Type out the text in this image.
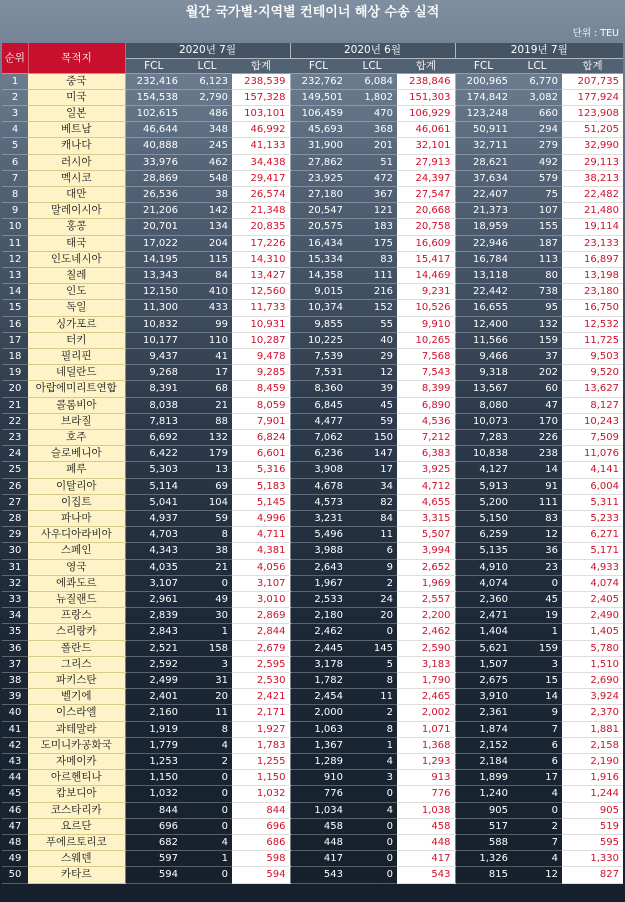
월간 국가별·지역별 컨테이너 해상 수송 실적
단위 : TEU
순위	목적지	2020년 7월			2020년 6월			2019년 7월		
		FCL	LCL	합계	FCL	LCL	합계	FCL	LCL	합계
1	중국	232,416	6,123	238,539	232,762	6,084	238,846	200,965	6,770	207,735
2	미국	154,538	2,790	157,328	149,501	1,802	151,303	174,842	3,082	177,924
3	일본	102,615	486	103,101	106,459	470	106,929	123,248	660	123,908
4	베트남	46,644	348	46,992	45,693	368	46,061	50,911	294	51,205
5	캐나다	40,888	245	41,133	31,900	201	32,101	32,711	279	32,990
6	러시아	33,976	462	34,438	27,862	51	27,913	28,621	492	29,113
7	멕시코	28,869	548	29,417	23,925	472	24,397	37,634	579	38,213
8	대만	26,536	38	26,574	27,180	367	27,547	22,407	75	22,482
9	말레이시아	21,206	142	21,348	20,547	121	20,668	21,373	107	21,480
10	홍콩	20,701	134	20,835	20,575	183	20,758	18,959	155	19,114
11	태국	17,022	204	17,226	16,434	175	16,609	22,946	187	23,133
12	인도네시아	14,195	115	14,310	15,334	83	15,417	16,784	113	16,897
13	칠레	13,343	84	13,427	14,358	111	14,469	13,118	80	13,198
14	인도	12,150	410	12,560	9,015	216	9,231	22,442	738	23,180
15	독일	11,300	433	11,733	10,374	152	10,526	16,655	95	16,750
16	싱가포르	10,832	99	10,931	9,855	55	9,910	12,400	132	12,532
17	터키	10,177	110	10,287	10,225	40	10,265	11,566	159	11,725
18	필리핀	9,437	41	9,478	7,539	29	7,568	9,466	37	9,503
19	네덜란드	9,268	17	9,285	7,531	12	7,543	9,318	202	9,520
20	아랍에미리트연합	8,391	68	8,459	8,360	39	8,399	13,567	60	13,627
21	콜롬비아	8,038	21	8,059	6,845	45	6,890	8,080	47	8,127
22	브라질	7,813	88	7,901	4,477	59	4,536	10,073	170	10,243
23	호주	6,692	132	6,824	7,062	150	7,212	7,283	226	7,509
24	슬로베니아	6,422	179	6,601	6,236	147	6,383	10,838	238	11,076
25	페루	5,303	13	5,316	3,908	17	3,925	4,127	14	4,141
26	이탈리아	5,114	69	5,183	4,678	34	4,712	5,913	91	6,004
27	이집트	5,041	104	5,145	4,573	82	4,655	5,200	111	5,311
28	파나마	4,937	59	4,996	3,231	84	3,315	5,150	83	5,233
29	사우디아라비아	4,703	8	4,711	5,496	11	5,507	6,259	12	6,271
30	스페인	4,343	38	4,381	3,988	6	3,994	5,135	36	5,171
31	영국	4,035	21	4,056	2,643	9	2,652	4,910	23	4,933
32	에콰도르	3,107	0	3,107	1,967	2	1,969	4,074	0	4,074
33	뉴질랜드	2,961	49	3,010	2,533	24	2,557	2,360	45	2,405
34	프랑스	2,839	30	2,869	2,180	20	2,200	2,471	19	2,490
35	스리랑카	2,843	1	2,844	2,462	0	2,462	1,404	1	1,405
36	폴란드	2,521	158	2,679	2,445	145	2,590	5,621	159	5,780
37	그리스	2,592	3	2,595	3,178	5	3,183	1,507	3	1,510
38	파키스탄	2,499	31	2,530	1,782	8	1,790	2,675	15	2,690
39	벨기에	2,401	20	2,421	2,454	11	2,465	3,910	14	3,924
40	이스라엘	2,160	11	2,171	2,000	2	2,002	2,361	9	2,370
41	과테말라	1,919	8	1,927	1,063	8	1,071	1,874	7	1,881
42	도미니카공화국	1,779	4	1,783	1,367	1	1,368	2,152	6	2,158
43	자메이카	1,253	2	1,255	1,289	4	1,293	2,184	6	2,190
44	아르헨티나	1,150	0	1,150	910	3	913	1,899	17	1,916
45	캄보디아	1,032	0	1,032	776	0	776	1,240	4	1,244
46	코스타리카	844	0	844	1,034	4	1,038	905	0	905
47	요르단	696	0	696	458	0	458	517	2	519
48	푸에르토리코	682	4	686	448	0	448	588	7	595
49	스웨덴	597	1	598	417	0	417	1,326	4	1,330
50	카타르	594	0	594	543	0	543	815	12	827
